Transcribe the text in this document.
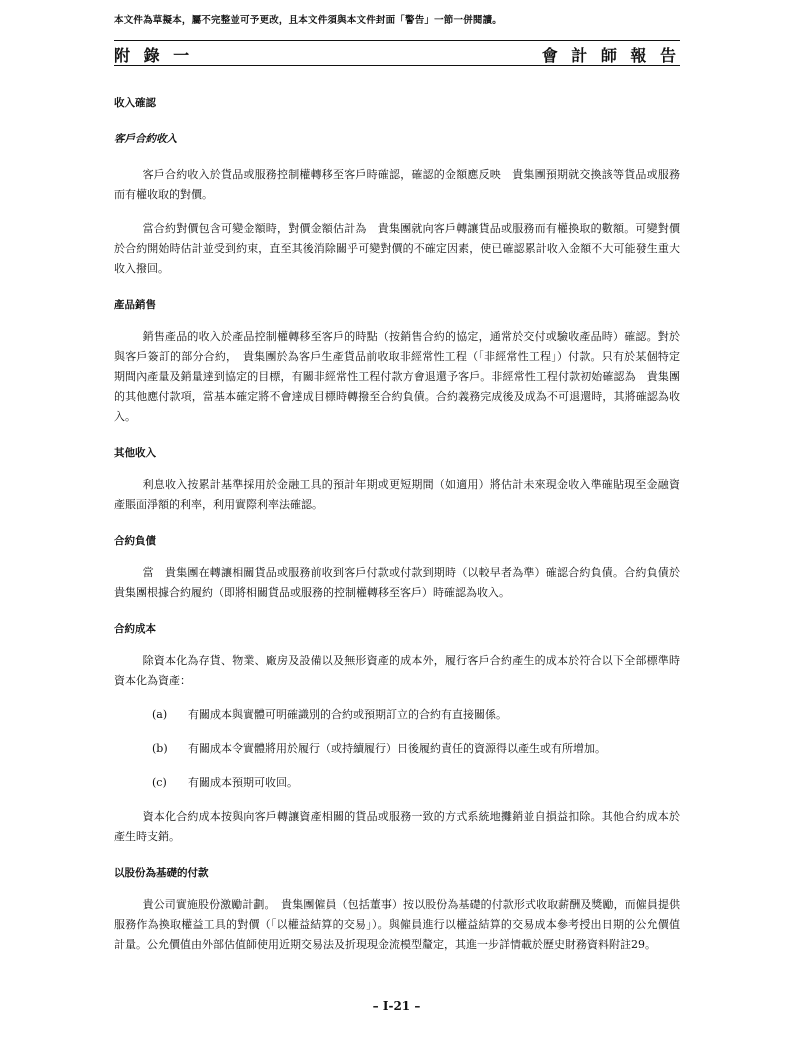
本文件為草擬本，屬不完整並可予更改，且本文件須與本文件封面「警告」一節一併閱讀。
附 錄 一	會 計 師 報 告

收入確認

客戶合約收入

客戶合約收入於貨品或服務控制權轉移至客戶時確認，確認的金額應反映　貴集團預期就交換該等貨品或服務而有權收取的對價。

當合約對價包含可變金額時，對價金額估計為　貴集團就向客戶轉讓貨品或服務而有權換取的數額。可變對價於合約開始時估計並受到約束，直至其後消除關乎可變對價的不確定因素，使已確認累計收入金額不大可能發生重大收入撥回。

產品銷售

銷售產品的收入於產品控制權轉移至客戶的時點（按銷售合約的協定，通常於交付或驗收產品時）確認。對於與客戶簽訂的部分合約，　貴集團於為客戶生產貨品前收取非經常性工程（「非經常性工程」）付款。只有於某個特定期間內產量及銷量達到協定的目標，有關非經常性工程付款方會退還予客戶。非經常性工程付款初始確認為　貴集團的其他應付款項，當基本確定將不會達成目標時轉撥至合約負債。合約義務完成後及成為不可退還時，其將確認為收入。

其他收入

利息收入按累計基準採用於金融工具的預計年期或更短期間（如適用）將估計未來現金收入準確貼現至金融資產賬面淨額的利率，利用實際利率法確認。

合約負債

當　貴集團在轉讓相關貨品或服務前收到客戶付款或付款到期時（以較早者為準）確認合約負債。合約負債於　貴集團根據合約履約（即將相關貨品或服務的控制權轉移至客戶）時確認為收入。

合約成本

除資本化為存貨、物業、廠房及設備以及無形資產的成本外，履行客戶合約產生的成本於符合以下全部標準時資本化為資產：

(a)	有關成本與實體可明確識別的合約或預期訂立的合約有直接關係。
(b)	有關成本令實體將用於履行（或持續履行）日後履約責任的資源得以產生或有所增加。
(c)	有關成本預期可收回。

資本化合約成本按與向客戶轉讓資產相關的貨品或服務一致的方式系統地攤銷並自損益扣除。其他合約成本於產生時支銷。

以股份為基礎的付款

貴公司實施股份激勵計劃。　貴集團僱員（包括董事）按以股份為基礎的付款形式收取薪酬及獎勵，而僱員提供服務作為換取權益工具的對價（「以權益結算的交易」）。與僱員進行以權益結算的交易成本參考授出日期的公允價值計量。公允價值由外部估值師使用近期交易法及折現現金流模型釐定，其進一步詳情載於歷史財務資料附註29。

– I-21 –
